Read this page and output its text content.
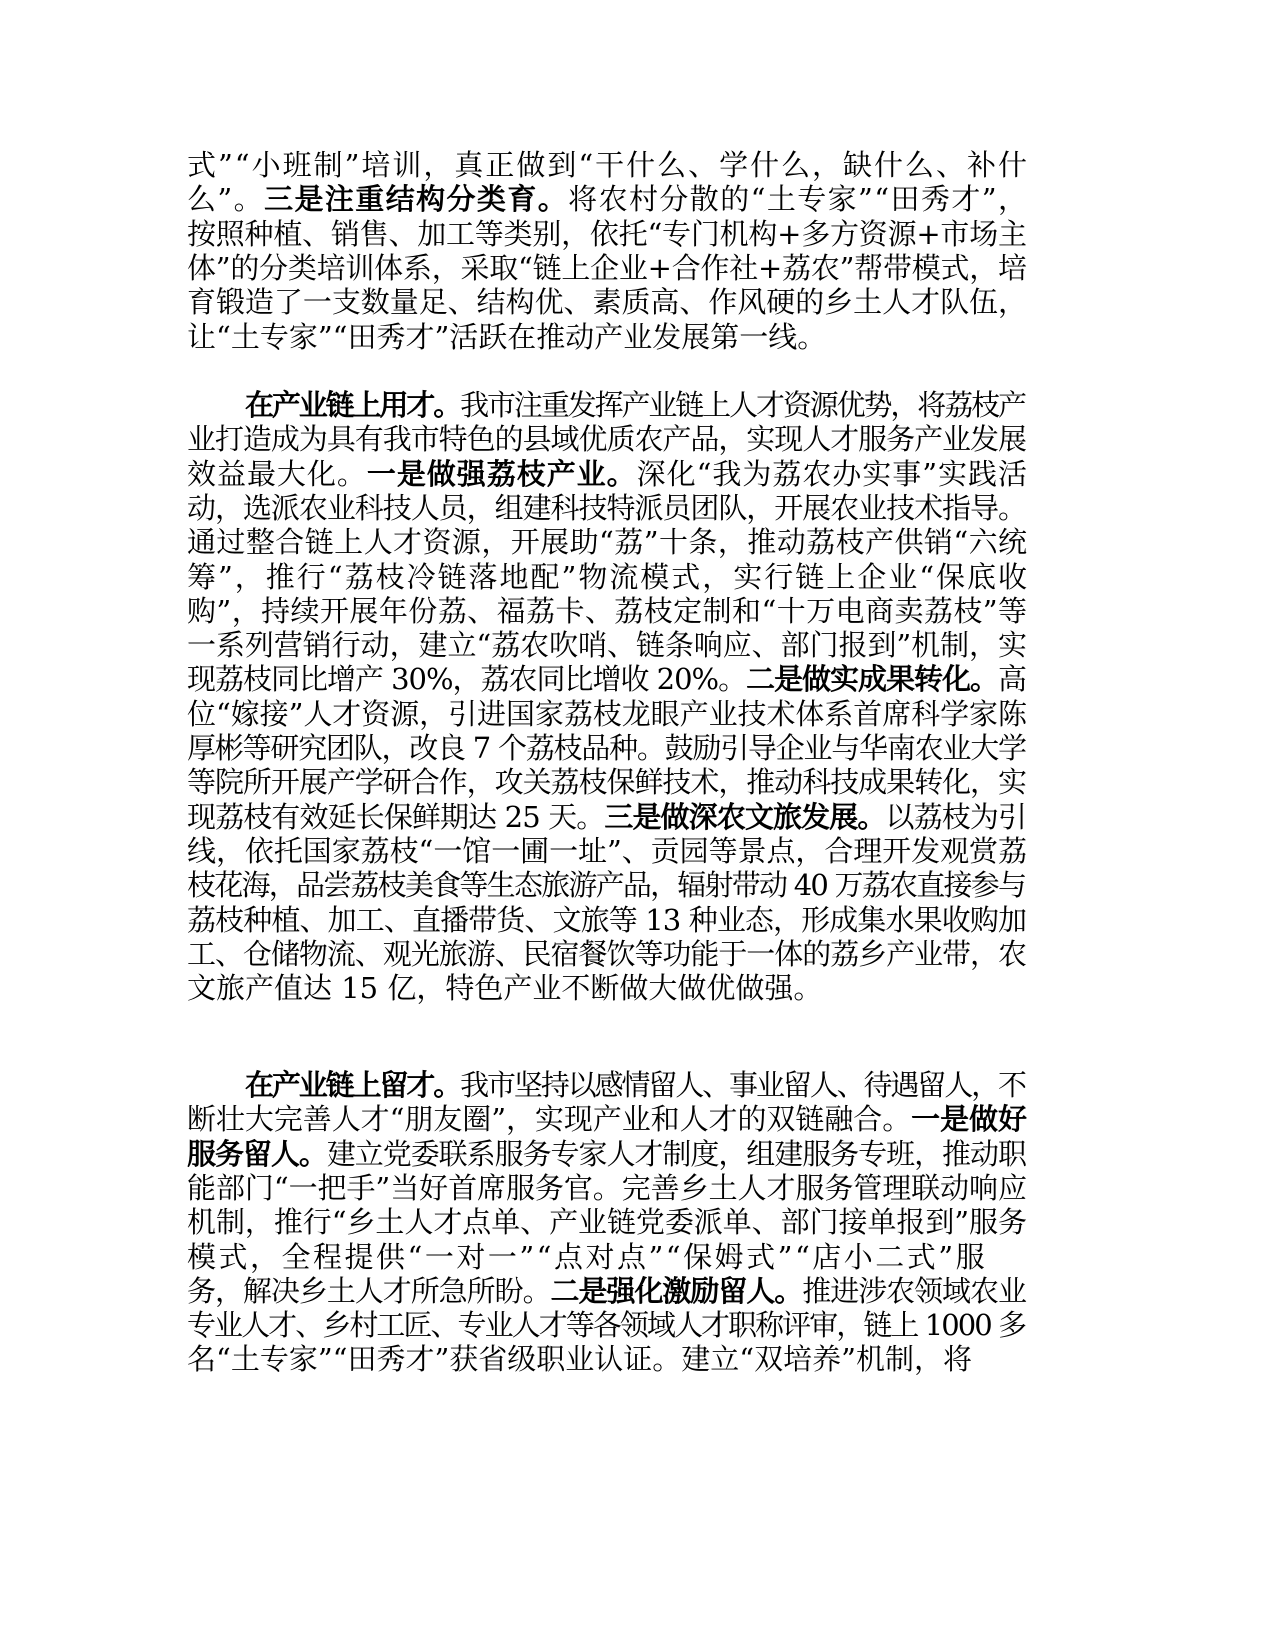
式”“小班制”培训，真正做到“干什么、学什么，缺什么、补什
么”。三是注重结构分类育。将农村分散的“土专家”“田秀才”，
按照种植、销售、加工等类别，依托“专门机构+多方资源+市场主
体”的分类培训体系，采取“链上企业+合作社+荔农”帮带模式，培
育锻造了一支数量足、结构优、素质高、作风硬的乡土人才队伍，
让“土专家”“田秀才”活跃在推动产业发展第一线。
在产业链上用才。我市注重发挥产业链上人才资源优势，将荔枝产
业打造成为具有我市特色的县域优质农产品，实现人才服务产业发展
效益最大化。一是做强荔枝产业。深化“我为荔农办实事”实践活
动，选派农业科技人员，组建科技特派员团队，开展农业技术指导。
通过整合链上人才资源，开展助“荔”十条，推动荔枝产供销“六统
筹”，推行“荔枝冷链落地配”物流模式，实行链上企业“保底收
购”，持续开展年份荔、福荔卡、荔枝定制和“十万电商卖荔枝”等
一系列营销行动，建立“荔农吹哨、链条响应、部门报到”机制，实
现荔枝同比增产 30%，荔农同比增收 20%。二是做实成果转化。高
位“嫁接”人才资源，引进国家荔枝龙眼产业技术体系首席科学家陈
厚彬等研究团队，改良 7 个荔枝品种。鼓励引导企业与华南农业大学
等院所开展产学研合作，攻关荔枝保鲜技术，推动科技成果转化，实
现荔枝有效延长保鲜期达 25 天。三是做深农文旅发展。以荔枝为引
线，依托国家荔枝“一馆一圃一址”、贡园等景点，合理开发观赏荔
枝花海，品尝荔枝美食等生态旅游产品，辐射带动 40 万荔农直接参与
荔枝种植、加工、直播带货、文旅等 13 种业态，形成集水果收购加
工、仓储物流、观光旅游、民宿餐饮等功能于一体的荔乡产业带，农
文旅产值达 15 亿，特色产业不断做大做优做强。
在产业链上留才。我市坚持以感情留人、事业留人、待遇留人，不
断壮大完善人才“朋友圈”，实现产业和人才的双链融合。一是做好
服务留人。建立党委联系服务专家人才制度，组建服务专班，推动职
能部门“一把手”当好首席服务官。完善乡土人才服务管理联动响应
机制，推行“乡土人才点单、产业链党委派单、部门接单报到”服务
模式，全程提供“一对一”“点对点”“保姆式”“店小二式”服
务，解决乡土人才所急所盼。二是强化激励留人。推进涉农领域农业
专业人才、乡村工匠、专业人才等各领域人才职称评审，链上 1000 多
名“土专家”“田秀才”获省级职业认证。建立“双培养”机制，将
